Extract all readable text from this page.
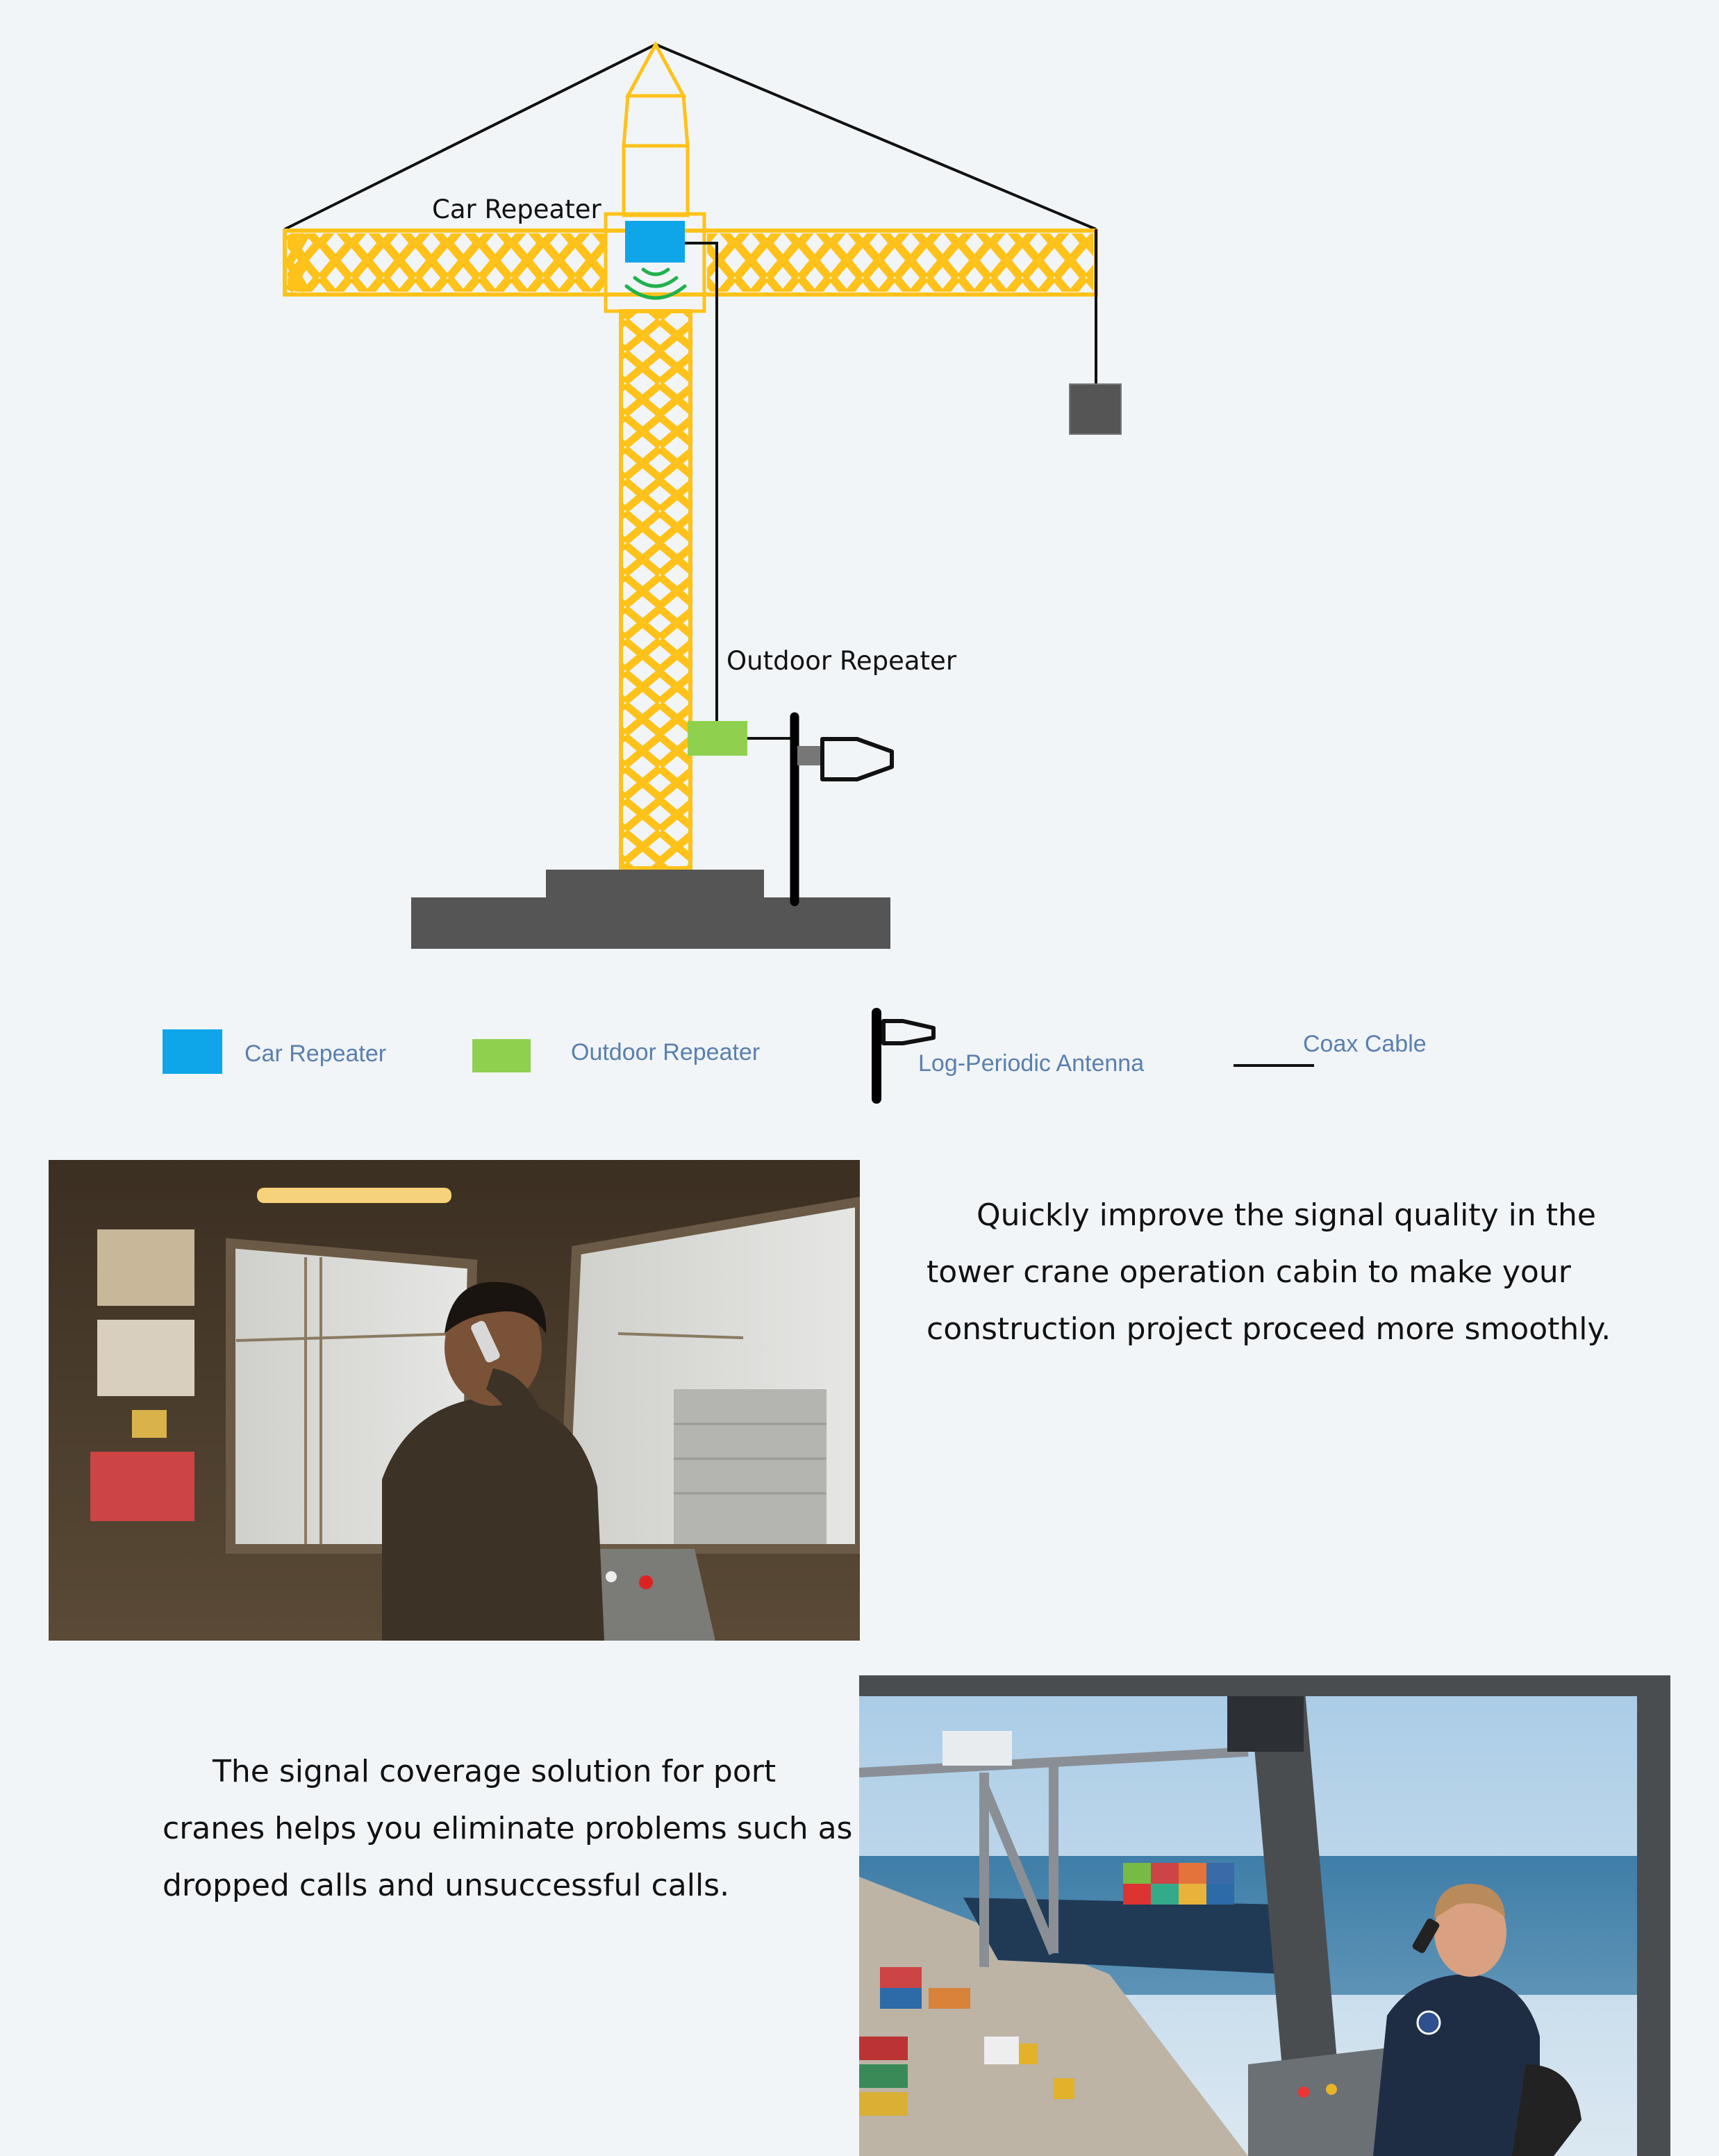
Car Repeater
Outdoor Repeater
Car Repeater	Outdoor Repeater	Log-Periodic Antenna
Coax Cable
Quickly improve the signal quality in the tower crane operation cabin to make your construction project proceed more smoothly.
The signal coverage solution for port cranes helps you eliminate problems such as dropped calls and unsuccessful calls.
